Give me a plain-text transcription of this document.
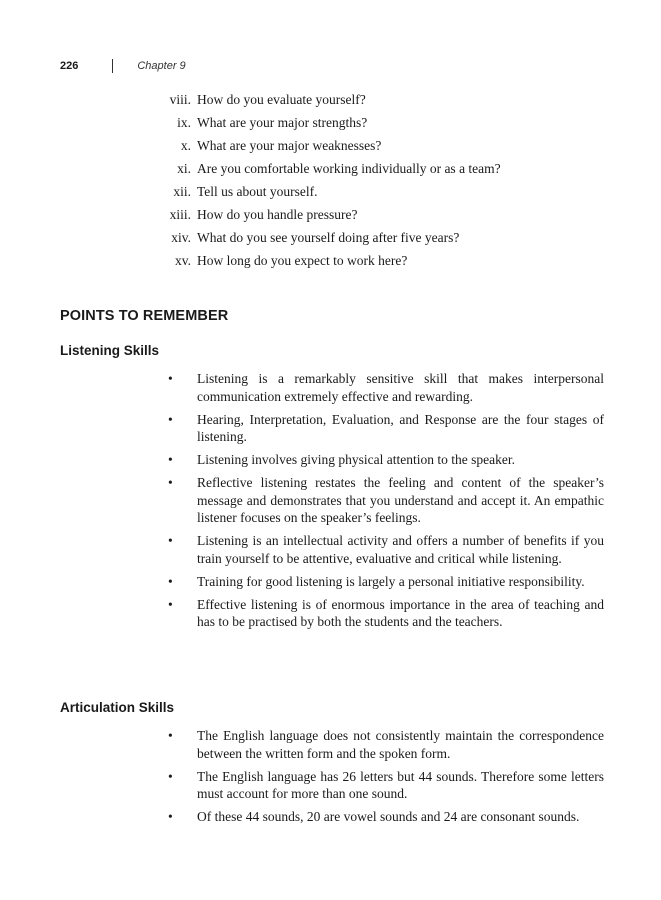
226	Chapter 9
viii. How do you evaluate yourself?
ix. What are your major strengths?
x. What are your major weaknesses?
xi. Are you comfortable working individually or as a team?
xii. Tell us about yourself.
xiii. How do you handle pressure?
xiv. What do you see yourself doing after five years?
xv. How long do you expect to work here?
POINTS TO REMEMBER
Listening Skills
•	Listening is a remarkably sensitive skill that makes interpersonal communication extremely effective and rewarding.
•	Hearing, Interpretation, Evaluation, and Response are the four stages of listening.
•	Listening involves giving physical attention to the speaker.
•	Reflective listening restates the feeling and content of the speaker’s message and demonstrates that you understand and accept it. An empathic listener focuses on the speaker’s feelings.
•	Listening is an intellectual activity and offers a number of benefits if you train yourself to be attentive, evaluative and critical while listening.
•	Training for good listening is largely a personal initiative responsibility.
•	Effective listening is of enormous importance in the area of teaching and has to be practised by both the students and the teachers.
Articulation Skills
•	The English language does not consistently maintain the correspondence between the written form and the spoken form.
•	The English language has 26 letters but 44 sounds. Therefore some letters must account for more than one sound.
•	Of these 44 sounds, 20 are vowel sounds and 24 are consonant sounds.
